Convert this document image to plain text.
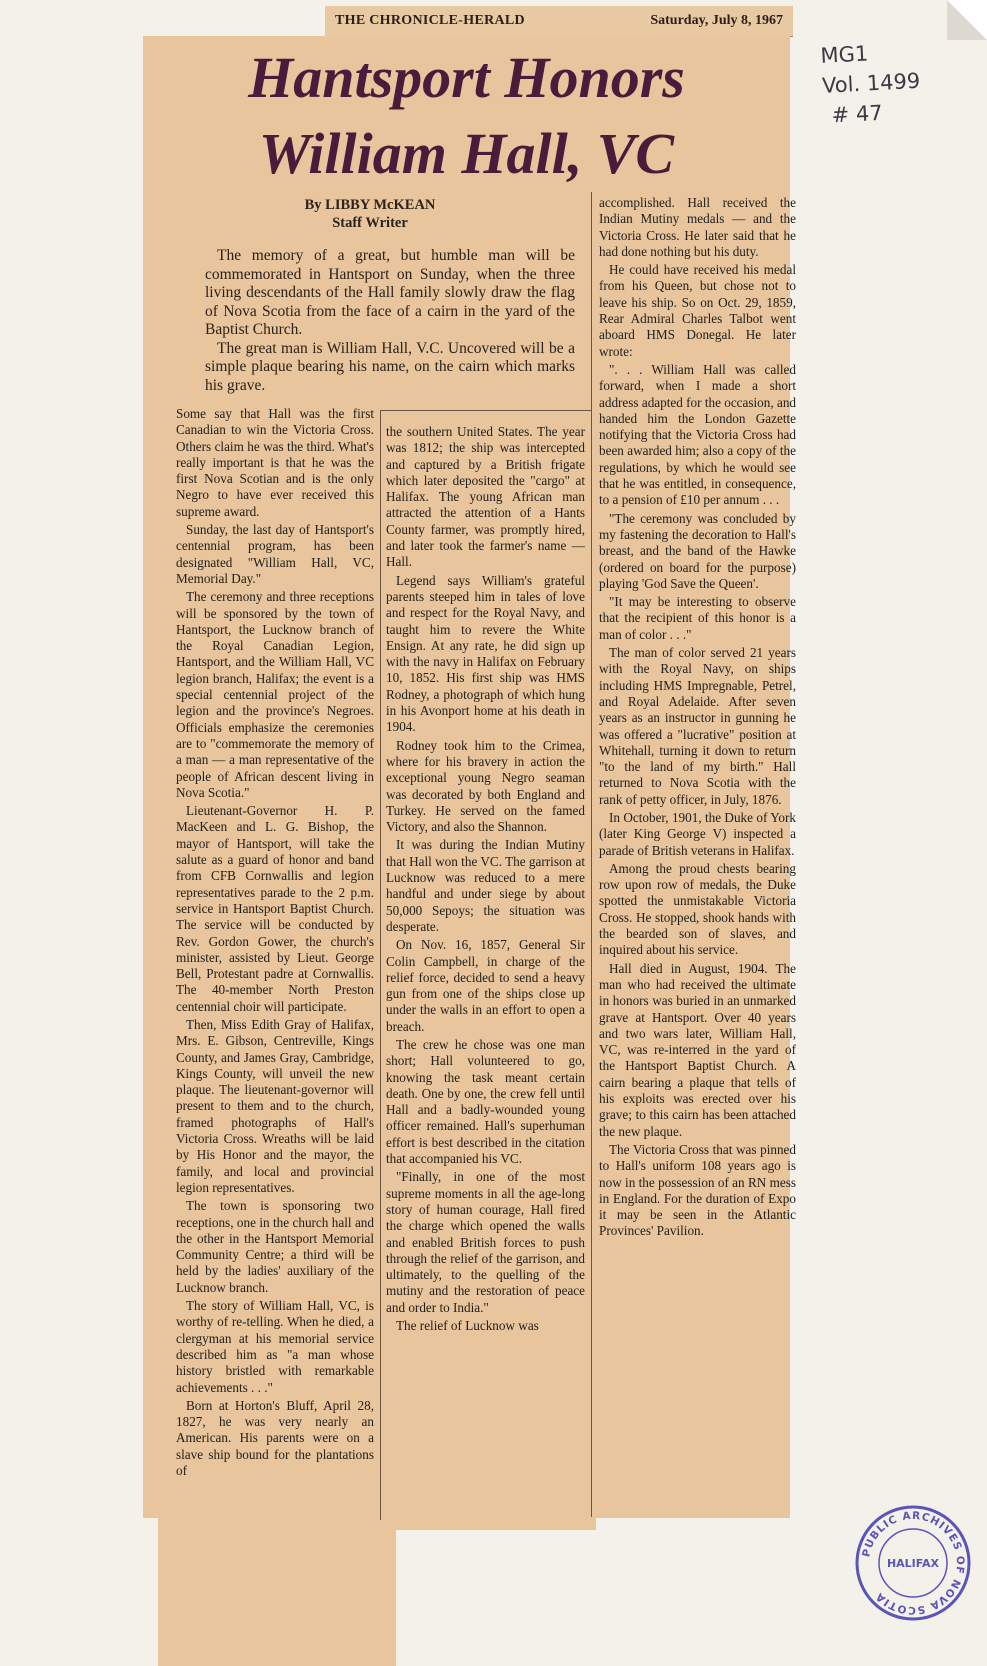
THE CHRONICLE-HERALD	Saturday, July 8, 1967
Hantsport Honors
William Hall, VC
By LIBBY McKEAN
Staff Writer

The memory of a great, but humble man will be commemorated in Hantsport on Sunday, when the three living descendants of the Hall family slowly draw the flag of Nova Scotia from the face of a cairn in the yard of the Baptist Church.

The great man is William Hall, V.C. Uncovered will be a simple plaque bearing his name, on the cairn which marks his grave.

Some say that Hall was the first Canadian to win the Victoria Cross. Others claim he was the third. What's really important is that he was the first Nova Scotian and is the only Negro to have ever received this supreme award.

Sunday, the last day of Hantsport's centennial program, has been designated "William Hall, VC, Memorial Day."

The ceremony and three receptions will be sponsored by the town of Hantsport, the Lucknow branch of the Royal Canadian Legion, Hantsport, and the William Hall, VC legion branch, Halifax; the event is a special centennial project of the legion and the province's Negroes. Officials emphasize the ceremonies are to "commemorate the memory of a man — a man representative of the people of African descent living in Nova Scotia."

Lieutenant-Governor H. P. MacKeen and L. G. Bishop, the mayor of Hantsport, will take the salute as a guard of honor and band from CFB Cornwallis and legion representatives parade to the 2 p.m. service in Hantsport Baptist Church. The service will be conducted by Rev. Gordon Gower, the church's minister, assisted by Lieut. George Bell, Protestant padre at Cornwallis. The 40-member North Preston centennial choir will participate.

Then, Miss Edith Gray of Halifax, Mrs. E. Gibson, Centreville, Kings County, and James Gray, Cambridge, Kings County, will unveil the new plaque. The lieutenant-governor will present to them and to the church, framed photographs of Hall's Victoria Cross. Wreaths will be laid by His Honor and the mayor, the family, and local and provincial legion representatives.

The town is sponsoring two receptions, one in the church hall and the other in the Hantsport Memorial Community Centre; a third will be held by the ladies' auxiliary of the Lucknow branch.

The story of William Hall, VC, is worthy of re-telling. When he died, a clergyman at his memorial service described him as "a man whose history bristled with remarkable achievements . . ."

Born at Horton's Bluff, April 28, 1827, he was very nearly an American. His parents were on a slave ship bound for the plantations of

the southern United States. The year was 1812; the ship was intercepted and captured by a British frigate which later deposited the "cargo" at Halifax. The young African man attracted the attention of a Hants County farmer, was promptly hired, and later took the farmer's name — Hall.

Legend says William's grateful parents steeped him in tales of love and respect for the Royal Navy, and taught him to revere the White Ensign. At any rate, he did sign up with the navy in Halifax on February 10, 1852. His first ship was HMS Rodney, a photograph of which hung in his Avonport home at his death in 1904.

Rodney took him to the Crimea, where for his bravery in action the exceptional young Negro seaman was decorated by both England and Turkey. He served on the famed Victory, and also the Shannon.

It was during the Indian Mutiny that Hall won the VC. The garrison at Lucknow was reduced to a mere handful and under siege by about 50,000 Sepoys; the situation was desperate.

On Nov. 16, 1857, General Sir Colin Campbell, in charge of the relief force, decided to send a heavy gun from one of the ships close up under the walls in an effort to open a breach.

The crew he chose was one man short; Hall volunteered to go, knowing the task meant certain death. One by one, the crew fell until Hall and a badly-wounded young officer remained. Hall's superhuman effort is best described in the citation that accompanied his VC.

"Finally, in one of the most supreme moments in all the age-long story of human courage, Hall fired the charge which opened the walls and enabled British forces to push through the relief of the garrison, and ultimately, to the quelling of the mutiny and the restoration of peace and order to India."

The relief of Lucknow was

accomplished. Hall received the Indian Mutiny medals — and the Victoria Cross. He later said that he had done nothing but his duty.

He could have received his medal from his Queen, but chose not to leave his ship. So on Oct. 29, 1859, Rear Admiral Charles Talbot went aboard HMS Donegal. He later wrote:

". . . William Hall was called forward, when I made a short address adapted for the occasion, and handed him the London Gazette notifying that the Victoria Cross had been awarded him; also a copy of the regulations, by which he would see that he was entitled, in consequence, to a pension of £10 per annum . . .

"The ceremony was concluded by my fastening the decoration to Hall's breast, and the band of the Hawke (ordered on board for the purpose) playing 'God Save the Queen'.

"It may be interesting to observe that the recipient of this honor is a man of color . . ."

The man of color served 21 years with the Royal Navy, on ships including HMS Impregnable, Petrel, and Royal Adelaide. After seven years as an instructor in gunning he was offered a "lucrative" position at Whitehall, turning it down to return "to the land of my birth." Hall returned to Nova Scotia with the rank of petty officer, in July, 1876.

In October, 1901, the Duke of York (later King George V) inspected a parade of British veterans in Halifax.

Among the proud chests bearing row upon row of medals, the Duke spotted the unmistakable Victoria Cross. He stopped, shook hands with the bearded son of slaves, and inquired about his service.

Hall died in August, 1904. The man who had received the ultimate in honors was buried in an unmarked grave at Hantsport. Over 40 years and two wars later, William Hall, VC, was re-interred in the yard of the Hantsport Baptist Church. A cairn bearing a plaque that tells of his exploits was erected over his grave; to this cairn has been attached the new plaque.

The Victoria Cross that was pinned to Hall's uniform 108 years ago is now in the possession of an RN mess in England. For the duration of Expo it may be seen in the Atlantic Provinces' Pavilion.

MG1
Vol. 1499
# 47
PUBLIC ARCHIVES OF NOVA SCOTIA
HALIFAX
